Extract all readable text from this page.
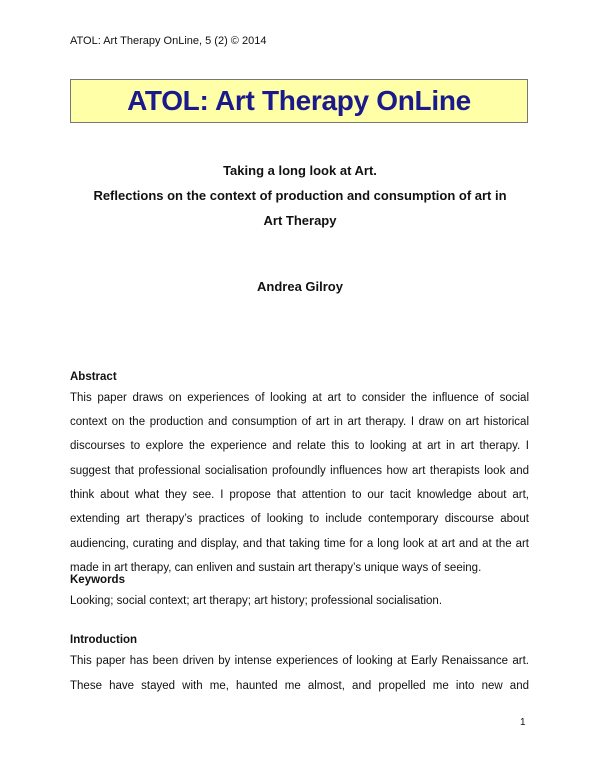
ATOL: Art Therapy OnLine, 5 (2) © 2014
ATOL: Art Therapy OnLine
Taking a long look at Art.
Reflections on the context of production and consumption of art in
Art Therapy
Andrea Gilroy
Abstract
This paper draws on experiences of looking at art to consider the influence of social
context on the production and consumption of art in art therapy. I draw on art historical
discourses to explore the experience and relate this to looking at art in art therapy. I
suggest that professional socialisation profoundly influences how art therapists look and
think about what they see. I propose that attention to our tacit knowledge about art,
extending art therapy’s practices of looking to include contemporary discourse about
audiencing, curating and display, and that taking time for a long look at art and at the art
made in art therapy, can enliven and sustain art therapy’s unique ways of seeing.
Keywords
Looking; social context; art therapy; art history; professional socialisation.
Introduction
This paper has been driven by intense experiences of looking at Early Renaissance art.
These have stayed with me, haunted me almost, and propelled me into new and
1
